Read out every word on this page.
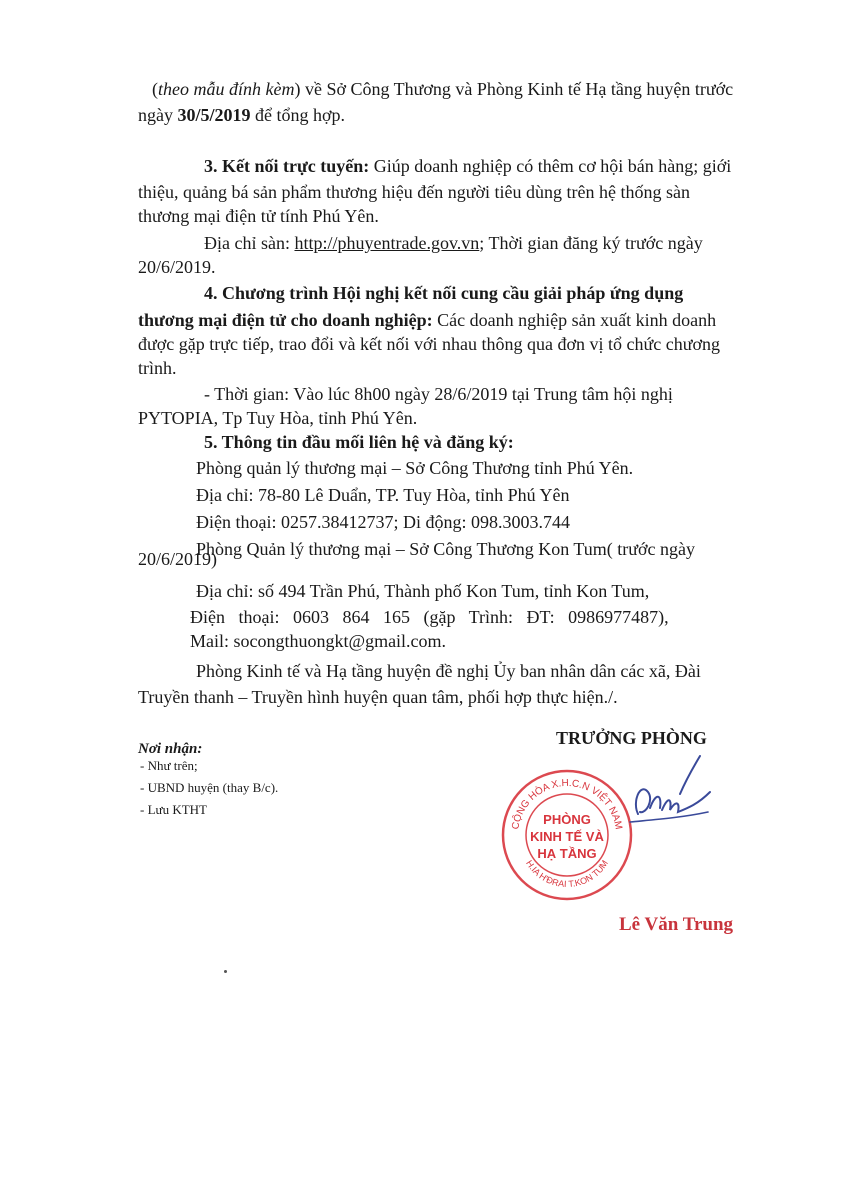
(theo mẫu đính kèm) về Sở Công Thương và Phòng Kinh tế Hạ tầng huyện trước
ngày 30/5/2019 để tổng hợp.
3. Kết nối trực tuyến: Giúp doanh nghiệp có thêm cơ hội bán hàng; giới
thiệu, quảng bá sản phẩm thương hiệu đến người tiêu dùng trên hệ thống sàn
thương mại điện tử tính Phú Yên.
Địa chỉ sàn: http://phuyentrade.gov.vn; Thời gian đăng ký trước ngày
20/6/2019.
4. Chương trình Hội nghị kết nối cung cầu giải pháp ứng dụng
thương mại điện tử cho doanh nghiệp: Các doanh nghiệp sản xuất kinh doanh
được gặp trực tiếp, trao đổi và kết nối với nhau thông qua đơn vị tổ chức chương
trình.
- Thời gian: Vào lúc 8h00 ngày 28/6/2019 tại Trung tâm hội nghị
PYTOPIA, Tp Tuy Hòa, tỉnh Phú Yên.
5. Thông tin đầu mối liên hệ và đăng ký:
Phòng quản lý thương mại – Sở Công Thương tỉnh Phú Yên.
Địa chỉ: 78-80 Lê Duẩn, TP. Tuy Hòa, tỉnh Phú Yên
Điện thoại: 0257.38412737; Di động: 098.3003.744
Phòng Quản lý thương mại – Sở Công Thương Kon Tum( trước ngày
20/6/2019)
Địa chỉ: số 494 Trần Phú, Thành phố Kon Tum, tỉnh Kon Tum,
Điện thoại: 0603 864 165 (gặp Trình: ĐT: 0986977487),
Mail: socongthuongkt@gmail.com.
Phòng Kinh tế và Hạ tầng huyện đề nghị Ủy ban nhân dân các xã, Đài
Truyền thanh – Truyền hình huyện quan tâm, phối hợp thực hiện./.
TRƯỞNG PHÒNG
Nơi nhận:
- Như trên;
- UBND huyện (thay B/c).
- Lưu KTHT
CỘNG HÒA X.H.C.N VIỆT NAM
H.IA H'ĐRAI T.KON TUM
PHÒNG
KINH TẾ VÀ
HẠ TẦNG
Lê Văn Trung
